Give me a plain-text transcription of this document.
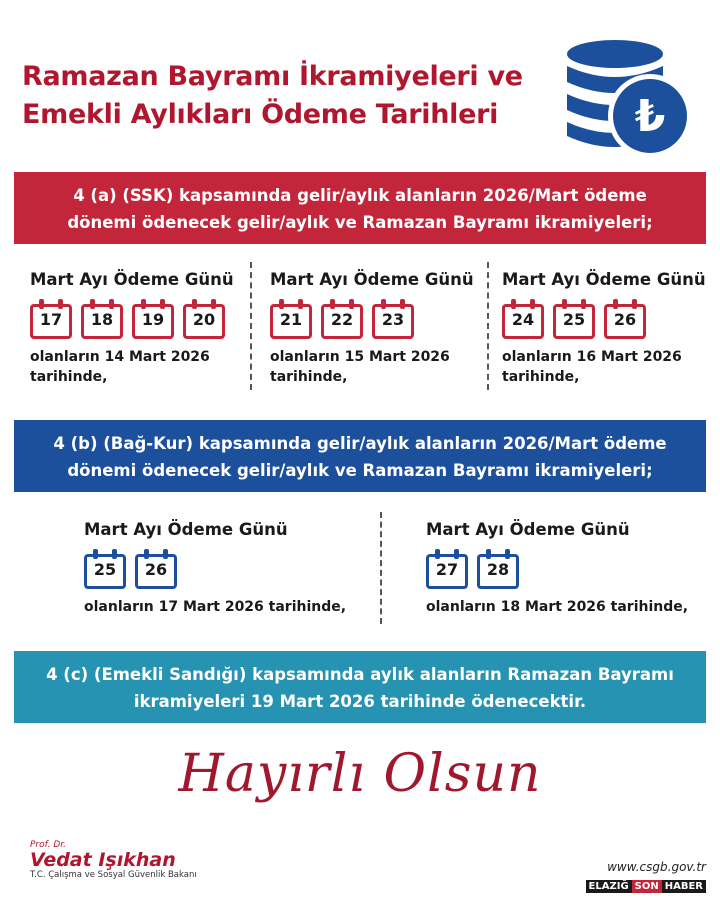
Ramazan Bayramı İkramiyeleri ve
Emekli Aylıkları Ödeme Tarihleri	₺
4 (a) (SSK) kapsamında gelir/aylık alanların 2026/Mart ödeme
dönemi ödenecek gelir/aylık ve Ramazan Bayramı ikramiyeleri;
Mart Ayı Ödeme Günü
17	18	19	20
olanların 14 Mart 2026
tarihinde,
Mart Ayı Ödeme Günü
21	22	23
olanların 15 Mart 2026
tarihinde,
Mart Ayı Ödeme Günü
24	25	26
olanların 16 Mart 2026
tarihinde,
4 (b) (Bağ-Kur) kapsamında gelir/aylık alanların 2026/Mart ödeme
dönemi ödenecek gelir/aylık ve Ramazan Bayramı ikramiyeleri;
Mart Ayı Ödeme Günü
25	26
olanların 17 Mart 2026 tarihinde,
Mart Ayı Ödeme Günü
27	28
olanların 18 Mart 2026 tarihinde,
4 (c) (Emekli Sandığı) kapsamında aylık alanların Ramazan Bayramı
ikramiyeleri 19 Mart 2026 tarihinde ödenecektir.
Hayırlı Olsun
Prof. Dr.
Vedat Işıkhan
T.C. Çalışma ve Sosyal Güvenlik Bakanı
www.csgb.gov.tr
ELAZIĞ SON HABER
